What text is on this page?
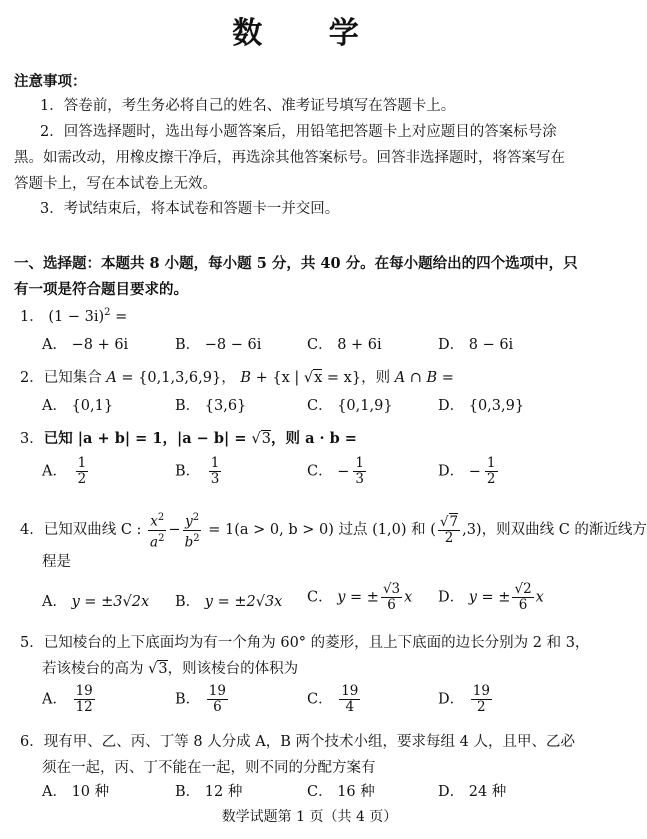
数 学
注意事项：
1．答卷前，考生务必将自己的姓名、准考证号填写在答题卡上。
2．回答选择题时，选出每小题答案后，用铅笔把答题卡上对应题目的答案标号涂
黑。如需改动，用橡皮擦干净后，再选涂其他答案标号。回答非选择题时，将答案写在
答题卡上，写在本试卷上无效。
3．考试结束后，将本试卷和答题卡一并交回。
一、选择题：本题共 8 小题，每小题 5 分，共 40 分。在每小题给出的四个选项中，只
有一项是符合题目要求的。
1． $(1 - 3i)^2$ =
A． −8 + 6i	B． −8 − 6i	C． 8 + 6i	D． 8 − 6i
2．已知集合 A = {0,1,3,6,9}， B + {x | √x = x}，则 A ∩ B =
A． {0,1}	B． {3,6}	C． {0,1,9}	D． {0,3,9}
3．已知 |a + b| = 1，|a − b| = √3，则 a · b =
A． $\frac{1}{2}$	B． $\frac{1}{3}$	C． − $\frac{1}{3}$	D． − $\frac{1}{2}$
4．已知双曲线 C : $\frac{x^2}{a^2} - \frac{y^2}{b^2} = 1(a > 0$, b > 0) 过点 (1,0) 和 ( $\frac{√7}{2} ,3$)，则双曲线 C 的渐近线方
程是
A． y = ±3√2x B． y = ±2√3x C． y = ± $\frac{√3}{6}$ x D． y = ± $\frac{√2}{6}$ x
5．已知棱台的上下底面均为有一个角为 60° 的菱形，且上下底面的边长分别为 2 和 3，
若该棱台的高为 √3，则该棱台的体积为
A． $\frac{19}{12}$	B． $\frac{19}{6}$	C． $\frac{19}{4}$	D． $\frac{19}{2}$
6．现有甲、乙、丙、丁等 8 人分成 A，B 两个技术小组，要求每组 4 人，且甲、乙必
须在一起，丙、丁不能在一起，则不同的分配方案有
A． 10 种	B． 12 种	C． 16 种	D． 24 种
数学试题第 1 页（共 4 页）
